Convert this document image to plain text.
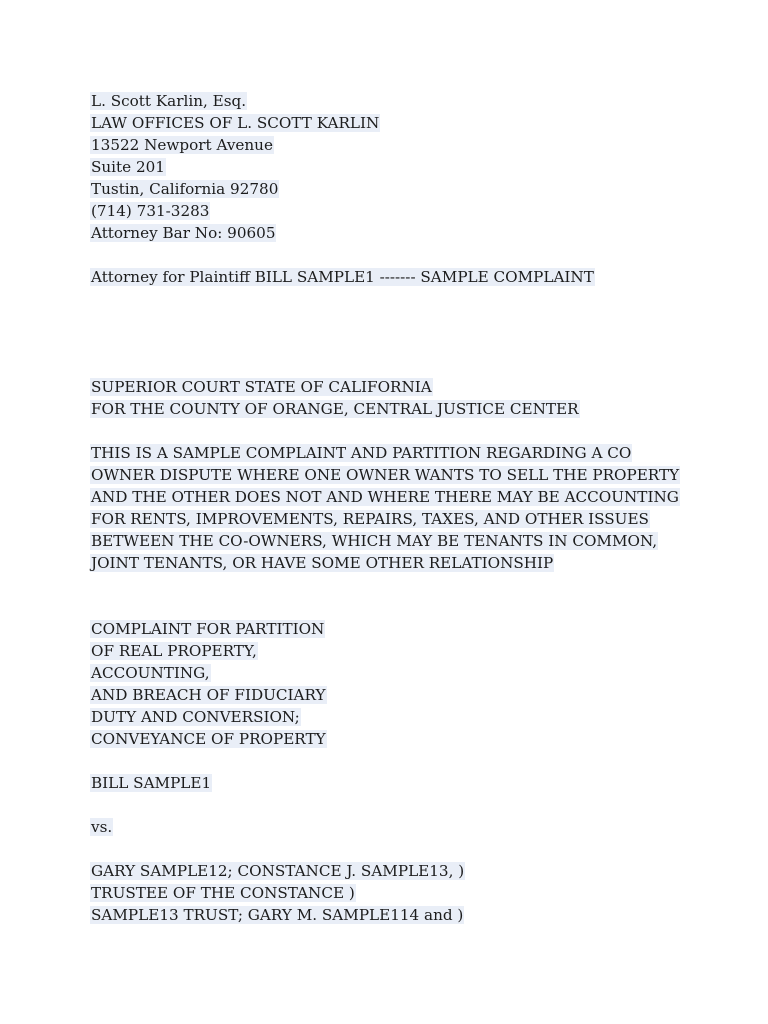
L. Scott Karlin, Esq.
LAW OFFICES OF L. SCOTT KARLIN
13522 Newport Avenue
Suite 201
Tustin, California 92780
(714) 731-3283
Attorney Bar No: 90605
Attorney for Plaintiff BILL SAMPLE1 ------- SAMPLE COMPLAINT
SUPERIOR COURT STATE OF CALIFORNIA
FOR THE COUNTY OF ORANGE, CENTRAL JUSTICE CENTER
THIS IS A SAMPLE COMPLAINT AND PARTITION REGARDING A CO
OWNER DISPUTE WHERE ONE OWNER WANTS TO SELL THE PROPERTY
AND THE OTHER DOES NOT AND WHERE THERE MAY BE ACCOUNTING
FOR RENTS, IMPROVEMENTS, REPAIRS, TAXES, AND OTHER ISSUES
BETWEEN THE CO-OWNERS, WHICH MAY BE TENANTS IN COMMON,
JOINT TENANTS, OR HAVE SOME OTHER RELATIONSHIP
COMPLAINT FOR PARTITION
OF REAL PROPERTY,
ACCOUNTING,
AND BREACH OF FIDUCIARY
DUTY AND CONVERSION;
CONVEYANCE OF PROPERTY
BILL SAMPLE1
vs.
GARY SAMPLE12; CONSTANCE J. SAMPLE13, )
TRUSTEE OF THE CONSTANCE )
SAMPLE13 TRUST; GARY M. SAMPLE114 and )
